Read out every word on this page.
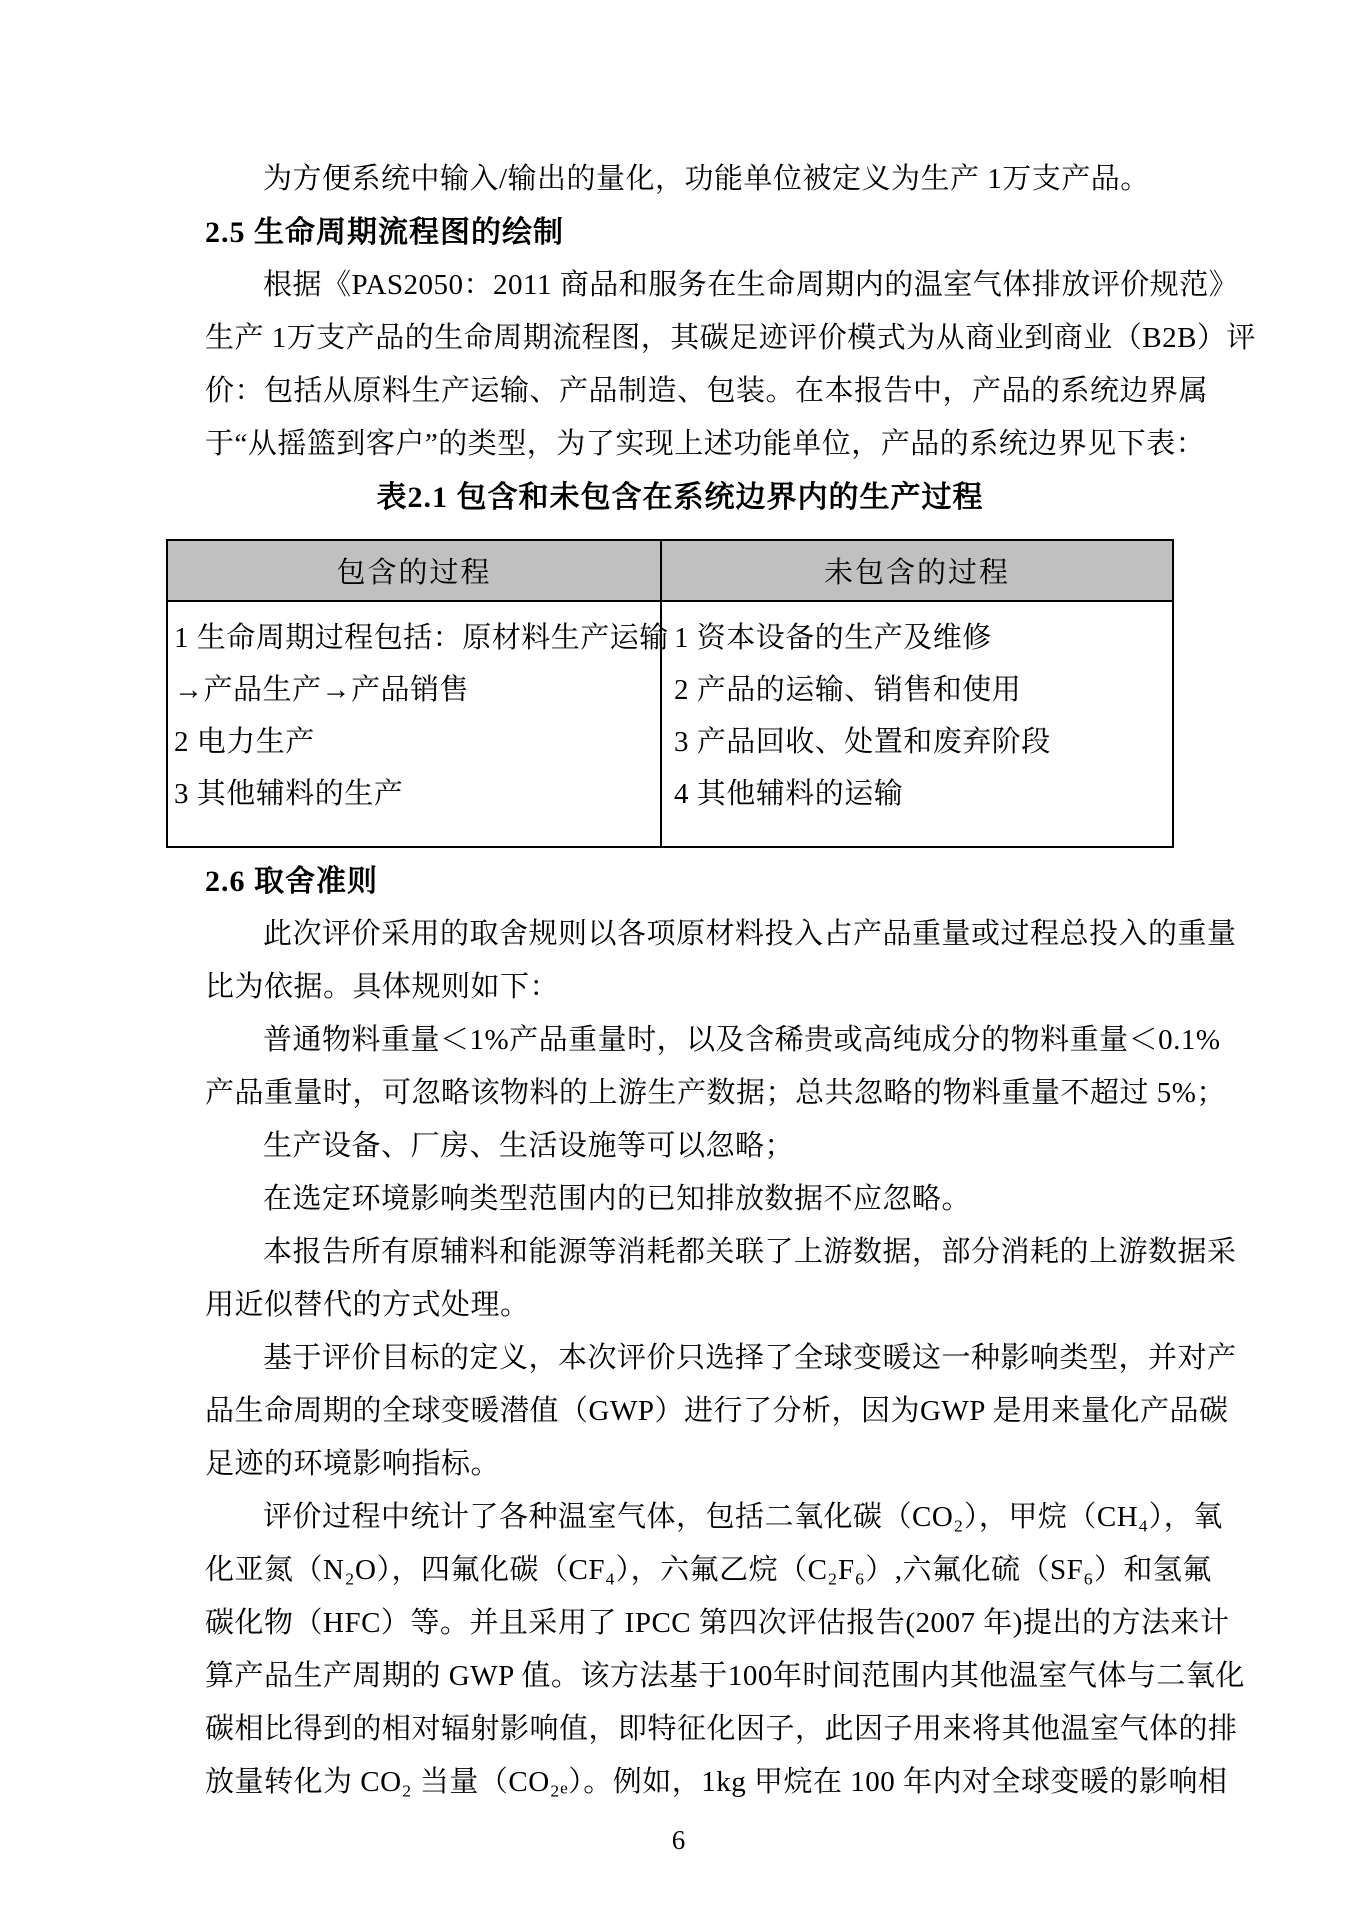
为方便系统中输入/输出的量化，功能单位被定义为生产 1万支产品。

2.5 生命周期流程图的绘制

根据《PAS2050：2011 商品和服务在生命周期内的温室气体排放评价规范》

生产 1万支产品的生命周期流程图，其碳足迹评价模式为从商业到商业（B2B）评

价：包括从原料生产运输、产品制造、包装。在本报告中，产品的系统边界属

于“从摇篮到客户”的类型，为了实现上述功能单位，产品的系统边界见下表：

表2.1 包含和未包含在系统边界内的生产过程

包含的过程	未包含的过程

1 生命周期过程包括：原材料生产运输

→产品生产→产品销售

2 电力生产

3 其他辅料的生产

1 资本设备的生产及维修

2 产品的运输、销售和使用

3 产品回收、处置和废弃阶段

4 其他辅料的运输

2.6 取舍准则

此次评价采用的取舍规则以各项原材料投入占产品重量或过程总投入的重量

比为依据。具体规则如下：

普通物料重量＜1%产品重量时，以及含稀贵或高纯成分的物料重量＜0.1%

产品重量时，可忽略该物料的上游生产数据；总共忽略的物料重量不超过 5%；

生产设备、厂房、生活设施等可以忽略；

在选定环境影响类型范围内的已知排放数据不应忽略。

本报告所有原辅料和能源等消耗都关联了上游数据，部分消耗的上游数据采

用近似替代的方式处理。

基于评价目标的定义，本次评价只选择了全球变暖这一种影响类型，并对产

品生命周期的全球变暖潜值（GWP）进行了分析，因为GWP 是用来量化产品碳

足迹的环境影响指标。

评价过程中统计了各种温室气体，包括二氧化碳（CO₂），甲烷（CH₄），氧

化亚氮（N₂O），四氟化碳（CF₄），六氟乙烷（C₂F₆）,六氟化硫（SF₆）和氢氟

碳化物（HFC）等。并且采用了 IPCC 第四次评估报告(2007 年)提出的方法来计

算产品生产周期的 GWP 值。该方法基于100年时间范围内其他温室气体与二氧化

碳相比得到的相对辐射影响值，即特征化因子，此因子用来将其他温室气体的排

放量转化为 CO₂ 当量（CO₂ₑ）。例如，1kg 甲烷在 100 年内对全球变暖的影响相

6
